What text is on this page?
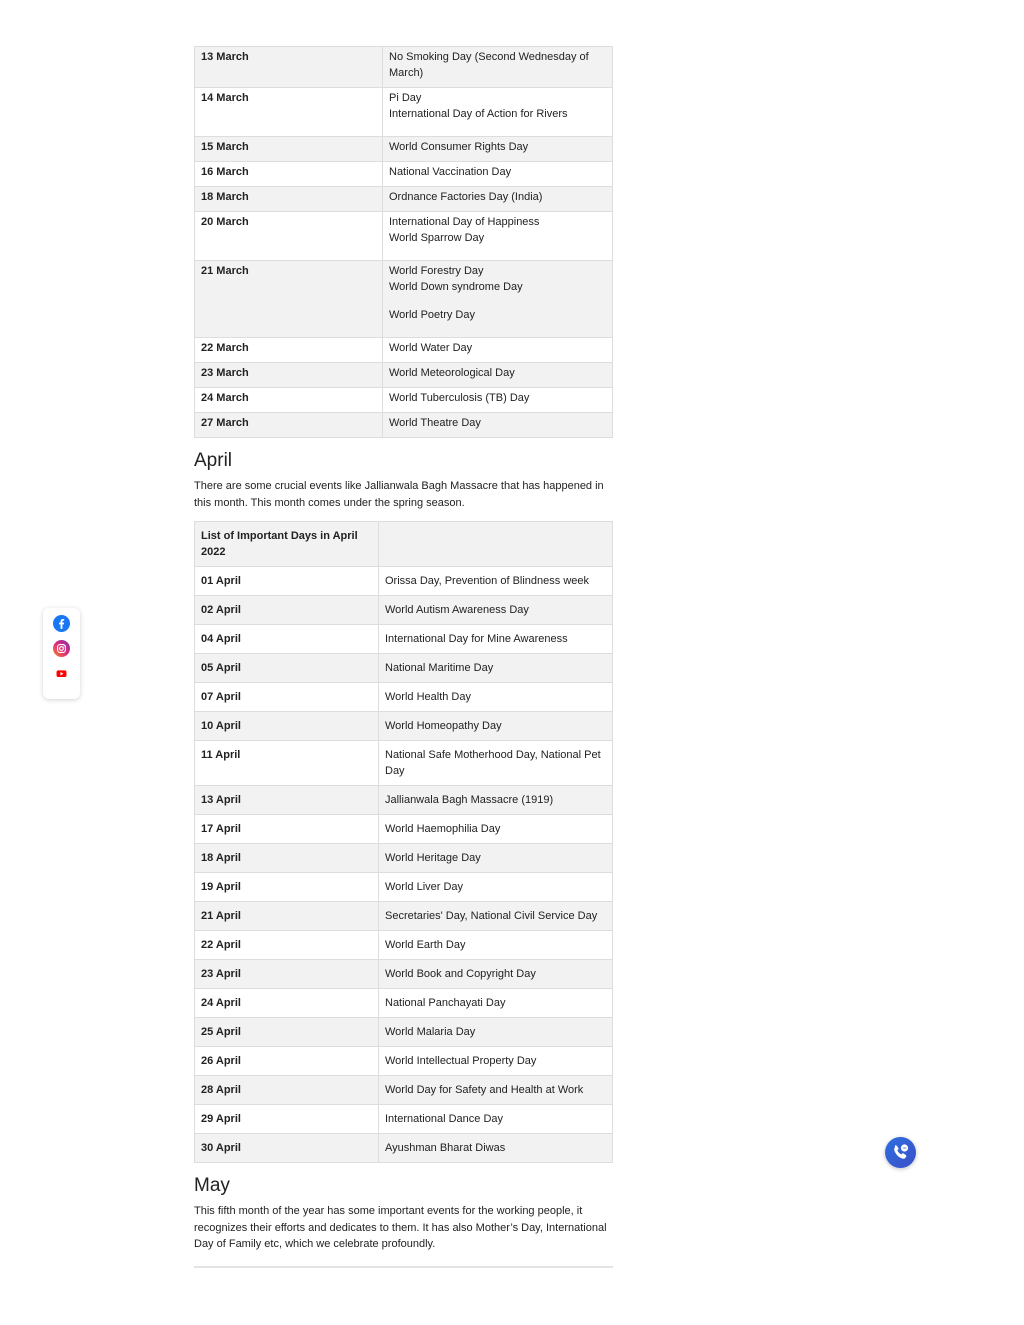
13 March	No Smoking Day (Second Wednesday of March)

14 March	Pi Day
International Day of Action for Rivers

15 March	World Consumer Rights Day

16 March	National Vaccination Day

18 March	Ordnance Factories Day (India)

20 March	International Day of Happiness
World Sparrow Day

21 March	World Forestry Day
World Down syndrome Day
World Poetry Day

22 March	World Water Day

23 March	World Meteorological Day

24 March	World Tuberculosis (TB) Day

27 March	World Theatre Day
April

There are some crucial events like Jallianwala Bagh Massacre that has happened in this month. This month comes under the spring season.

List of Important Days in April 2022	
01 April	Orissa Day, Prevention of Blindness week
02 April	World Autism Awareness Day
04 April	International Day for Mine Awareness
05 April	National Maritime Day
07 April	World Health Day
10 April	World Homeopathy Day
11 April	National Safe Motherhood Day, National Pet Day
13 April	Jallianwala Bagh Massacre (1919)
17 April	World Haemophilia Day
18 April	World Heritage Day
19 April	World Liver Day
21 April	Secretaries' Day, National Civil Service Day
22 April	World Earth Day
23 April	World Book and Copyright Day
24 April	National Panchayati Day
25 April	World Malaria Day
26 April	World Intellectual Property Day
28 April	World Day for Safety and Health at Work
29 April	International Dance Day
30 April	Ayushman Bharat Diwas
May

This fifth month of the year has some important events for the working people, it recognizes their efforts and dedicates to them. It has also Mother’s Day, International Day of Family etc, which we celebrate profoundly.
